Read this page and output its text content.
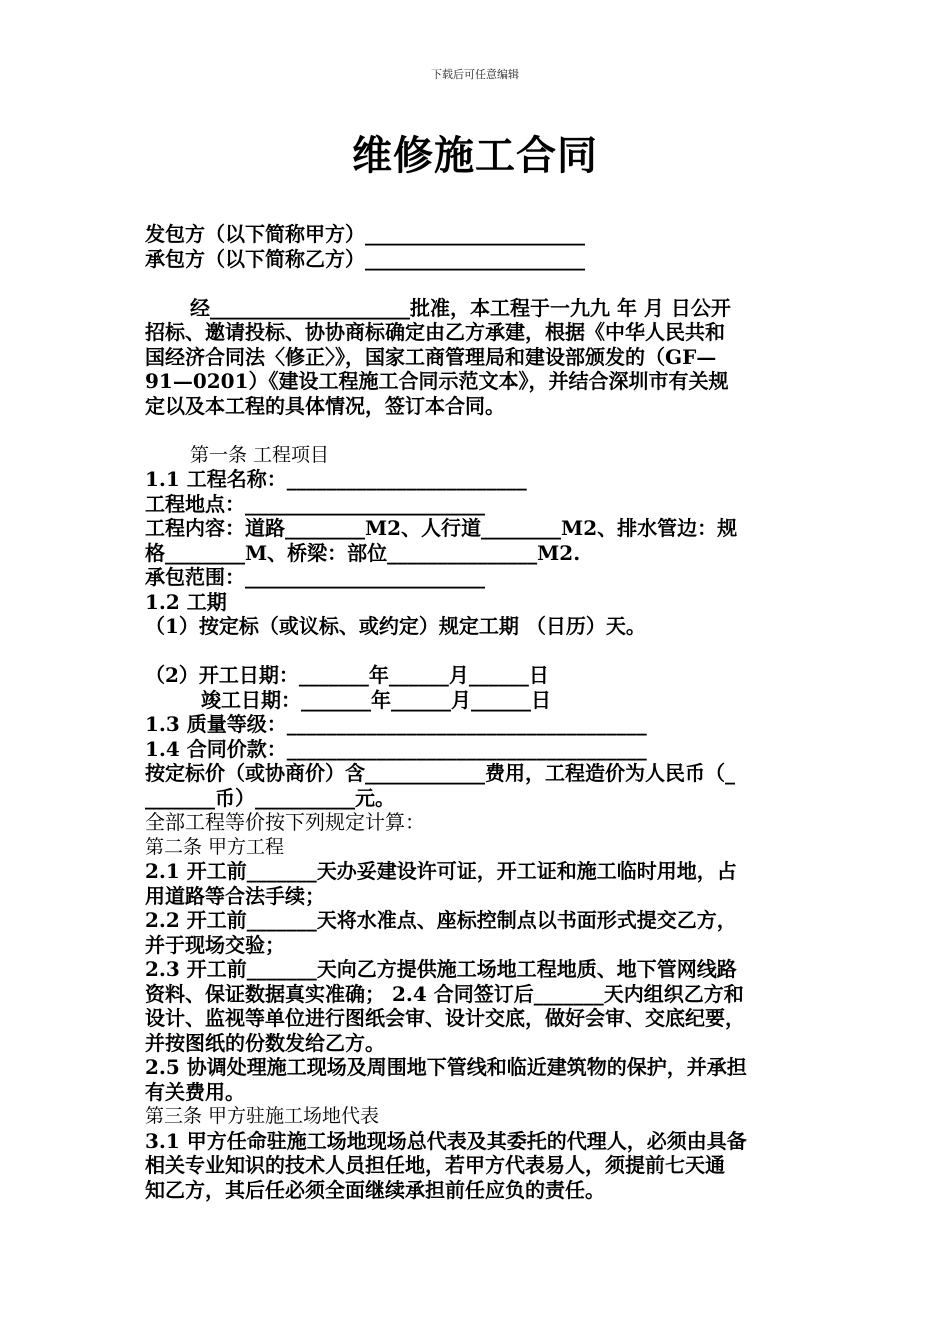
下载后可任意编辑
维修施工合同
发包方（以下简称甲方）______________________
承包方（以下简称乙方）______________________
经____________________批准，本工程于一九九 年 月 日公开
招标、邀请投标、协协商标确定由乙方承建，根据《中华人民共和
国经济合同法〈修正〉》，国家工商管理局和建设部颁发的（GF—
91—0201）《建设工程施工合同示范文本》，并结合深圳市有关规
定以及本工程的具体情况，签订本合同。
第一条 工程项目
1.1 工程名称：________________________
工程地点：________________________
工程内容：道路________M2、人行道________M2、排水管边：规
格________M、桥梁：部位_______________M2.
承包范围：________________________
1.2 工期
（1）按定标（或议标、或约定）规定工期 （日历）天。
（2）开工日期：_______年______月______日
竣工日期：_______年______月______日
1.3 质量等级：____________________________________
1.4 合同价款：____________________________________
按定标价（或协商价）含____________费用，工程造价为人民币（_
_______币）__________元。
全部工程等价按下列规定计算：
第二条 甲方工程
2.1 开工前_______天办妥建设许可证，开工证和施工临时用地，占
用道路等合法手续；
2.2 开工前_______天将水准点、座标控制点以书面形式提交乙方，
并于现场交验；
2.3 开工前_______天向乙方提供施工场地工程地质、地下管网线路
资料、保证数据真实准确； 2.4 合同签订后_______天内组织乙方和
设计、监视等单位进行图纸会审、设计交底，做好会审、交底纪要，
并按图纸的份数发给乙方。
2.5 协调处理施工现场及周围地下管线和临近建筑物的保护，并承担
有关费用。
第三条 甲方驻施工场地代表
3.1 甲方任命驻施工场地现场总代表及其委托的代理人，必须由具备
相关专业知识的技术人员担任地，若甲方代表易人，须提前七天通
知乙方，其后任必须全面继续承担前任应负的责任。
